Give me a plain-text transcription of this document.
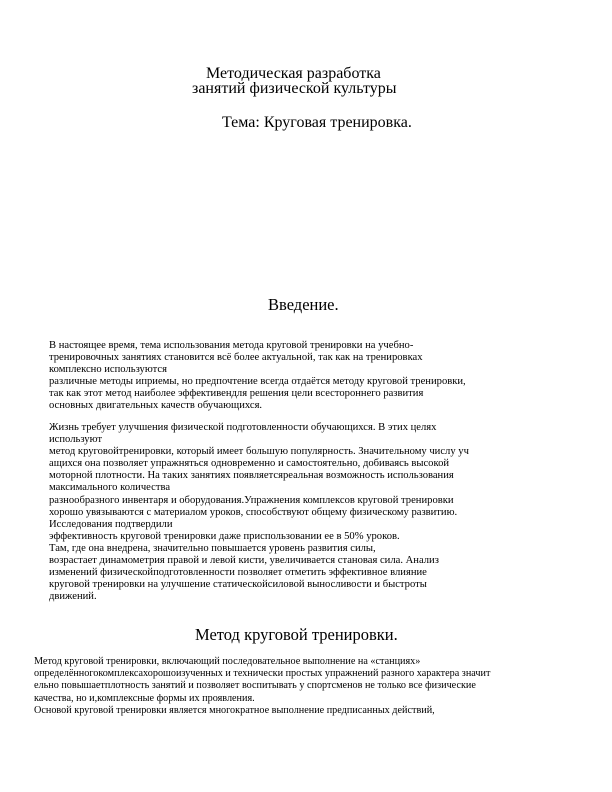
Методическая разработка
занятий физической культуры
Тема: Круговая тренировка.
Введение.
В настоящее время, тема использования метода круговой тренировки на учебно-
тренировочных занятиях становится всё более актуальной, так как на тренировках
комплексно используются
различные методы иприемы, но предпочтение всегда отдаётся методу круговой тренировки,
так как этот метод наиболее эффективендля решения цели всестороннего развития
основных двигательных качеств обучающихся.
Жизнь требует улучшения физической подготовленности обучающихся. В этих целях
используют
метод круговойтренировки, который имеет большую популярность. Значительному числу уч
ащихся она позволяет упражняться одновременно и самостоятельно, добиваясь высокой
моторной плотности. На таких занятиях появляетсяреальная возможность использования
максимального количества
разнообразного инвентаря и оборудования.Упражнения комплексов круговой тренировки
хорошо увязываются с материалом уроков, способствуют общему физическому развитию.
Исследования подтвердили
эффективность круговой тренировки даже приспользовании ее в 50% уроков.
Там, где она внедрена, значительно повышается уровень развития силы,
возрастает динамометрия правой и левой кисти, увеличивается становая сила. Анализ
изменений физическойподготовленности позволяет отметить эффективное влияние
круговой тренировки на улучшение статическойсиловой выносливости и быстроты
движений.
Метод круговой тренировки.
Метод круговой тренировки, включающий последовательное выполнение на «станциях»
определённогокомплексахорошоизученных и технически простых упражнений разного характера значит
ельно повышаетплотность занятий и позволяет воспитывать у спортсменов не только все физические
качества, но и,комплексные формы их проявления.
Основой круговой тренировки является многократное выполнение предписанных действий,
